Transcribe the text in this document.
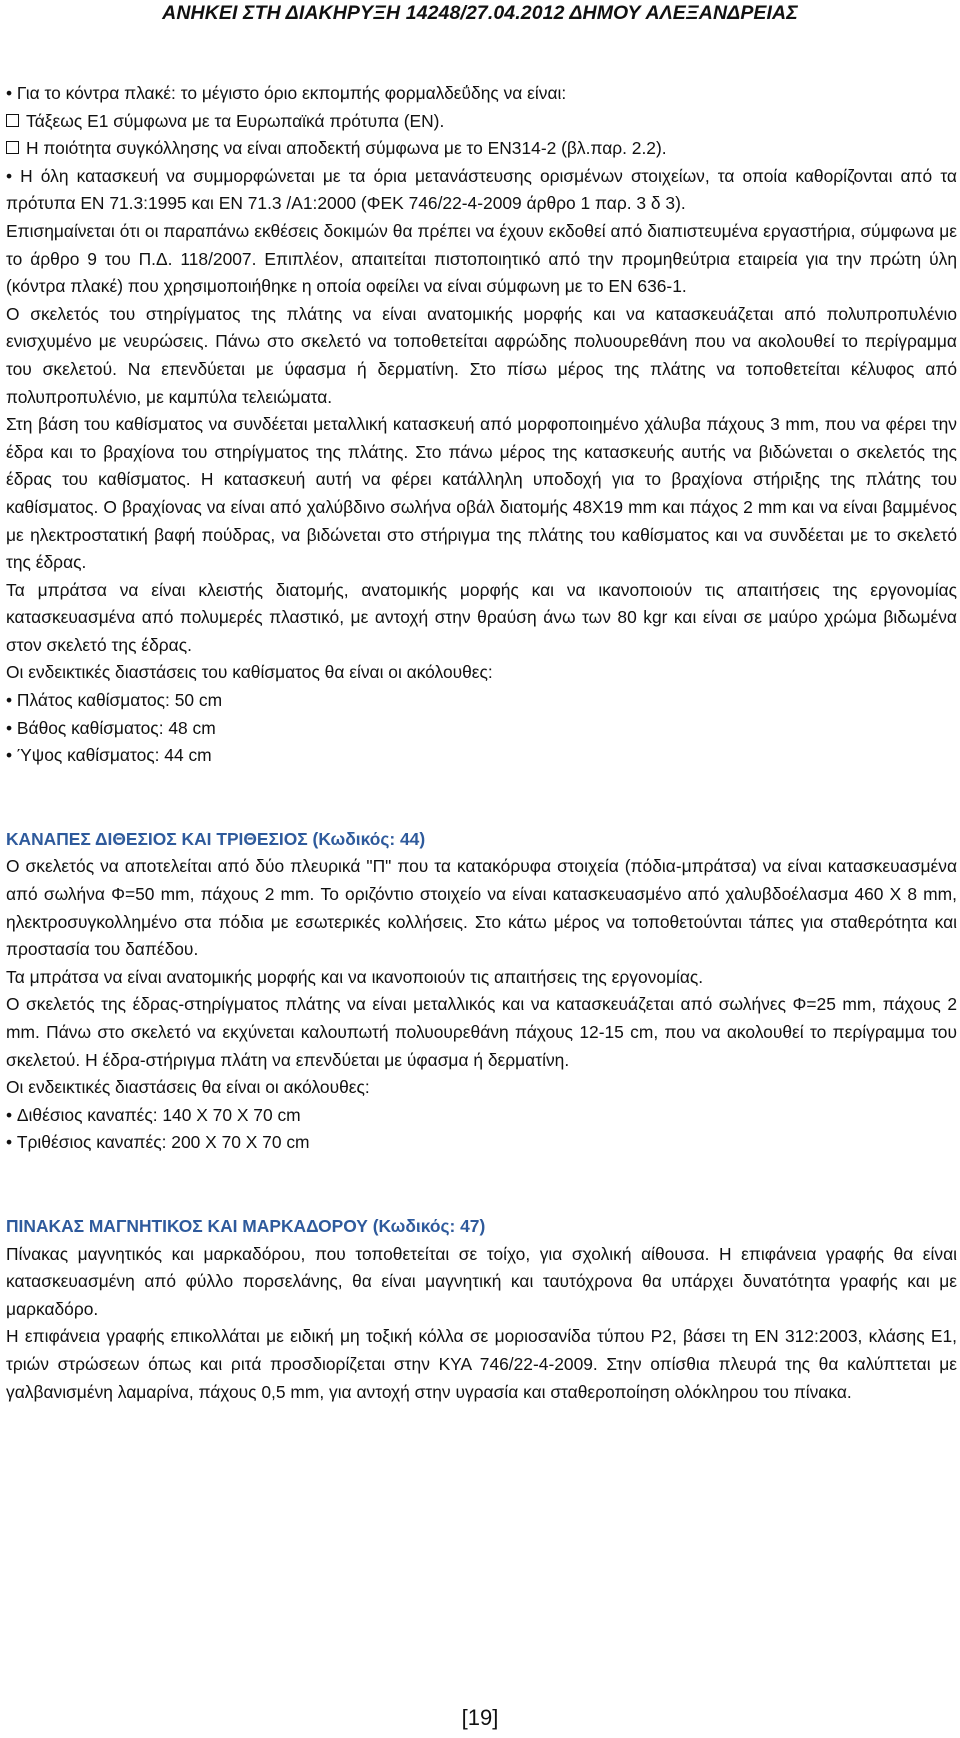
ΑΝΗΚΕΙ ΣΤΗ ΔΙΑΚΗΡΥΞΗ 14248/27.04.2012 ΔΗΜΟΥ ΑΛΕΞΑΝΔΡΕΙΑΣ

• Για το κόντρα πλακέ: το μέγιστο όριο εκπομπής φορμαλδεΰδης να είναι:

Τάξεως Ε1 σύμφωνα με τα Ευρωπαϊκά πρότυπα (ΕΝ).

Η ποιότητα συγκόλλησης να είναι αποδεκτή σύμφωνα με το ΕΝ314-2 (βλ.παρ. 2.2).

• Η όλη κατασκευή να συμμορφώνεται με τα όρια μετανάστευσης ορισμένων στοιχείων, τα οποία καθορίζονται από τα πρότυπα ΕΝ 71.3:1995 και ΕΝ 71.3 /Α1:2000 (ΦΕΚ 746/22-4-2009 άρθρο 1 παρ. 3 δ 3).

Επισημαίνεται ότι οι παραπάνω εκθέσεις δοκιμών θα πρέπει να έχουν εκδοθεί από διαπιστευμένα εργαστήρια, σύμφωνα με το άρθρο 9 του Π.Δ. 118/2007. Επιπλέον, απαιτείται πιστοποιητικό από την προμηθεύτρια εταιρεία για την πρώτη ύλη (κόντρα πλακέ) που χρησιμοποιήθηκε η οποία οφείλει να είναι σύμφωνη με το ΕΝ 636-1.

Ο σκελετός του στηρίγματος της πλάτης να είναι ανατομικής μορφής και να κατασκευάζεται από πολυπροπυλένιο ενισχυμένο με νευρώσεις. Πάνω στο σκελετό να τοποθετείται αφρώδης πολυουρεθάνη που να ακολουθεί το περίγραμμα του σκελετού. Να επενδύεται με ύφασμα ή δερματίνη. Στο πίσω μέρος της πλάτης να τοποθετείται κέλυφος από πολυπροπυλένιο, με καμπύλα τελειώματα.

Στη βάση του καθίσματος να συνδέεται μεταλλική κατασκευή από μορφοποιημένο χάλυβα πάχους 3 mm, που να φέρει την έδρα και το βραχίονα του στηρίγματος της πλάτης. Στο πάνω μέρος της κατασκευής αυτής να βιδώνεται ο σκελετός της έδρας του καθίσματος. Η κατασκευή αυτή να φέρει κατάλληλη υποδοχή για το βραχίονα στήριξης της πλάτης του καθίσματος. Ο βραχίονας να είναι από χαλύβδινο σωλήνα οβάλ διατομής 48Χ19 mm και πάχος 2 mm και να είναι βαμμένος με ηλεκτροστατική βαφή πούδρας, να βιδώνεται στο στήριγμα της πλάτης του καθίσματος και να συνδέεται με το σκελετό της έδρας.

Τα μπράτσα να είναι κλειστής διατομής, ανατομικής μορφής και να ικανοποιούν τις απαιτήσεις της εργονομίας κατασκευασμένα από πολυμερές πλαστικό, με αντοχή στην θραύση άνω των 80 kgr και είναι σε μαύρο χρώμα βιδωμένα στον σκελετό της έδρας.

Οι ενδεικτικές διαστάσεις του καθίσματος θα είναι οι ακόλουθες:

• Πλάτος καθίσματος: 50 cm

• Βάθος καθίσματος: 48 cm

• Ύψος καθίσματος: 44 cm

ΚΑΝΑΠΕΣ ΔΙΘΕΣΙΟΣ ΚΑΙ ΤΡΙΘΕΣΙΟΣ (Κωδικός: 44)

Ο σκελετός να αποτελείται από δύο πλευρικά "Π" που τα κατακόρυφα στοιχεία (πόδια-μπράτσα) να είναι κατασκευασμένα από σωλήνα Φ=50 mm, πάχους 2 mm. Το οριζόντιο στοιχείο να είναι κατασκευασμένο από χαλυβδοέλασμα 460 Χ 8 mm, ηλεκτροσυγκολλημένο στα πόδια με εσωτερικές κολλήσεις. Στο κάτω μέρος να τοποθετούνται τάπες για σταθερότητα και προστασία του δαπέδου.

Τα μπράτσα να είναι ανατομικής μορφής και να ικανοποιούν τις απαιτήσεις της εργονομίας.

Ο σκελετός της έδρας-στηρίγματος πλάτης να είναι μεταλλικός και να κατασκευάζεται από σωλήνες Φ=25 mm, πάχους 2 mm. Πάνω στο σκελετό να εκχύνεται καλουπωτή πολυουρεθάνη πάχους 12-15 cm, που να ακολουθεί το περίγραμμα του σκελετού. Η έδρα-στήριγμα πλάτη να επενδύεται με ύφασμα ή δερματίνη.

Οι ενδεικτικές διαστάσεις θα είναι οι ακόλουθες:

• Διθέσιος καναπές: 140 Χ 70 Χ 70 cm

• Τριθέσιος καναπές: 200 Χ 70 Χ 70 cm

ΠΙΝΑΚΑΣ ΜΑΓΝΗΤΙΚΟΣ ΚΑΙ ΜΑΡΚΑΔΟΡΟΥ (Κωδικός: 47)

Πίνακας μαγνητικός και μαρκαδόρου, που τοποθετείται σε τοίχο, για σχολική αίθουσα. Η επιφάνεια γραφής θα είναι κατασκευασμένη από φύλλο πορσελάνης, θα είναι μαγνητική και ταυτόχρονα θα υπάρχει δυνατότητα γραφής και με μαρκαδόρο.

Η επιφάνεια γραφής επικολλάται με ειδική μη τοξική κόλλα σε μοριοσανίδα τύπου Ρ2, βάσει τη ΕΝ 312:2003, κλάσης Ε1, τριών στρώσεων όπως και ριτά προσδιορίζεται στην ΚΥΑ 746/22-4-2009. Στην οπίσθια πλευρά της θα καλύπτεται με γαλβανισμένη λαμαρίνα, πάχους 0,5 mm, για αντοχή στην υγρασία και σταθεροποίηση ολόκληρου του πίνακα.

[19]
